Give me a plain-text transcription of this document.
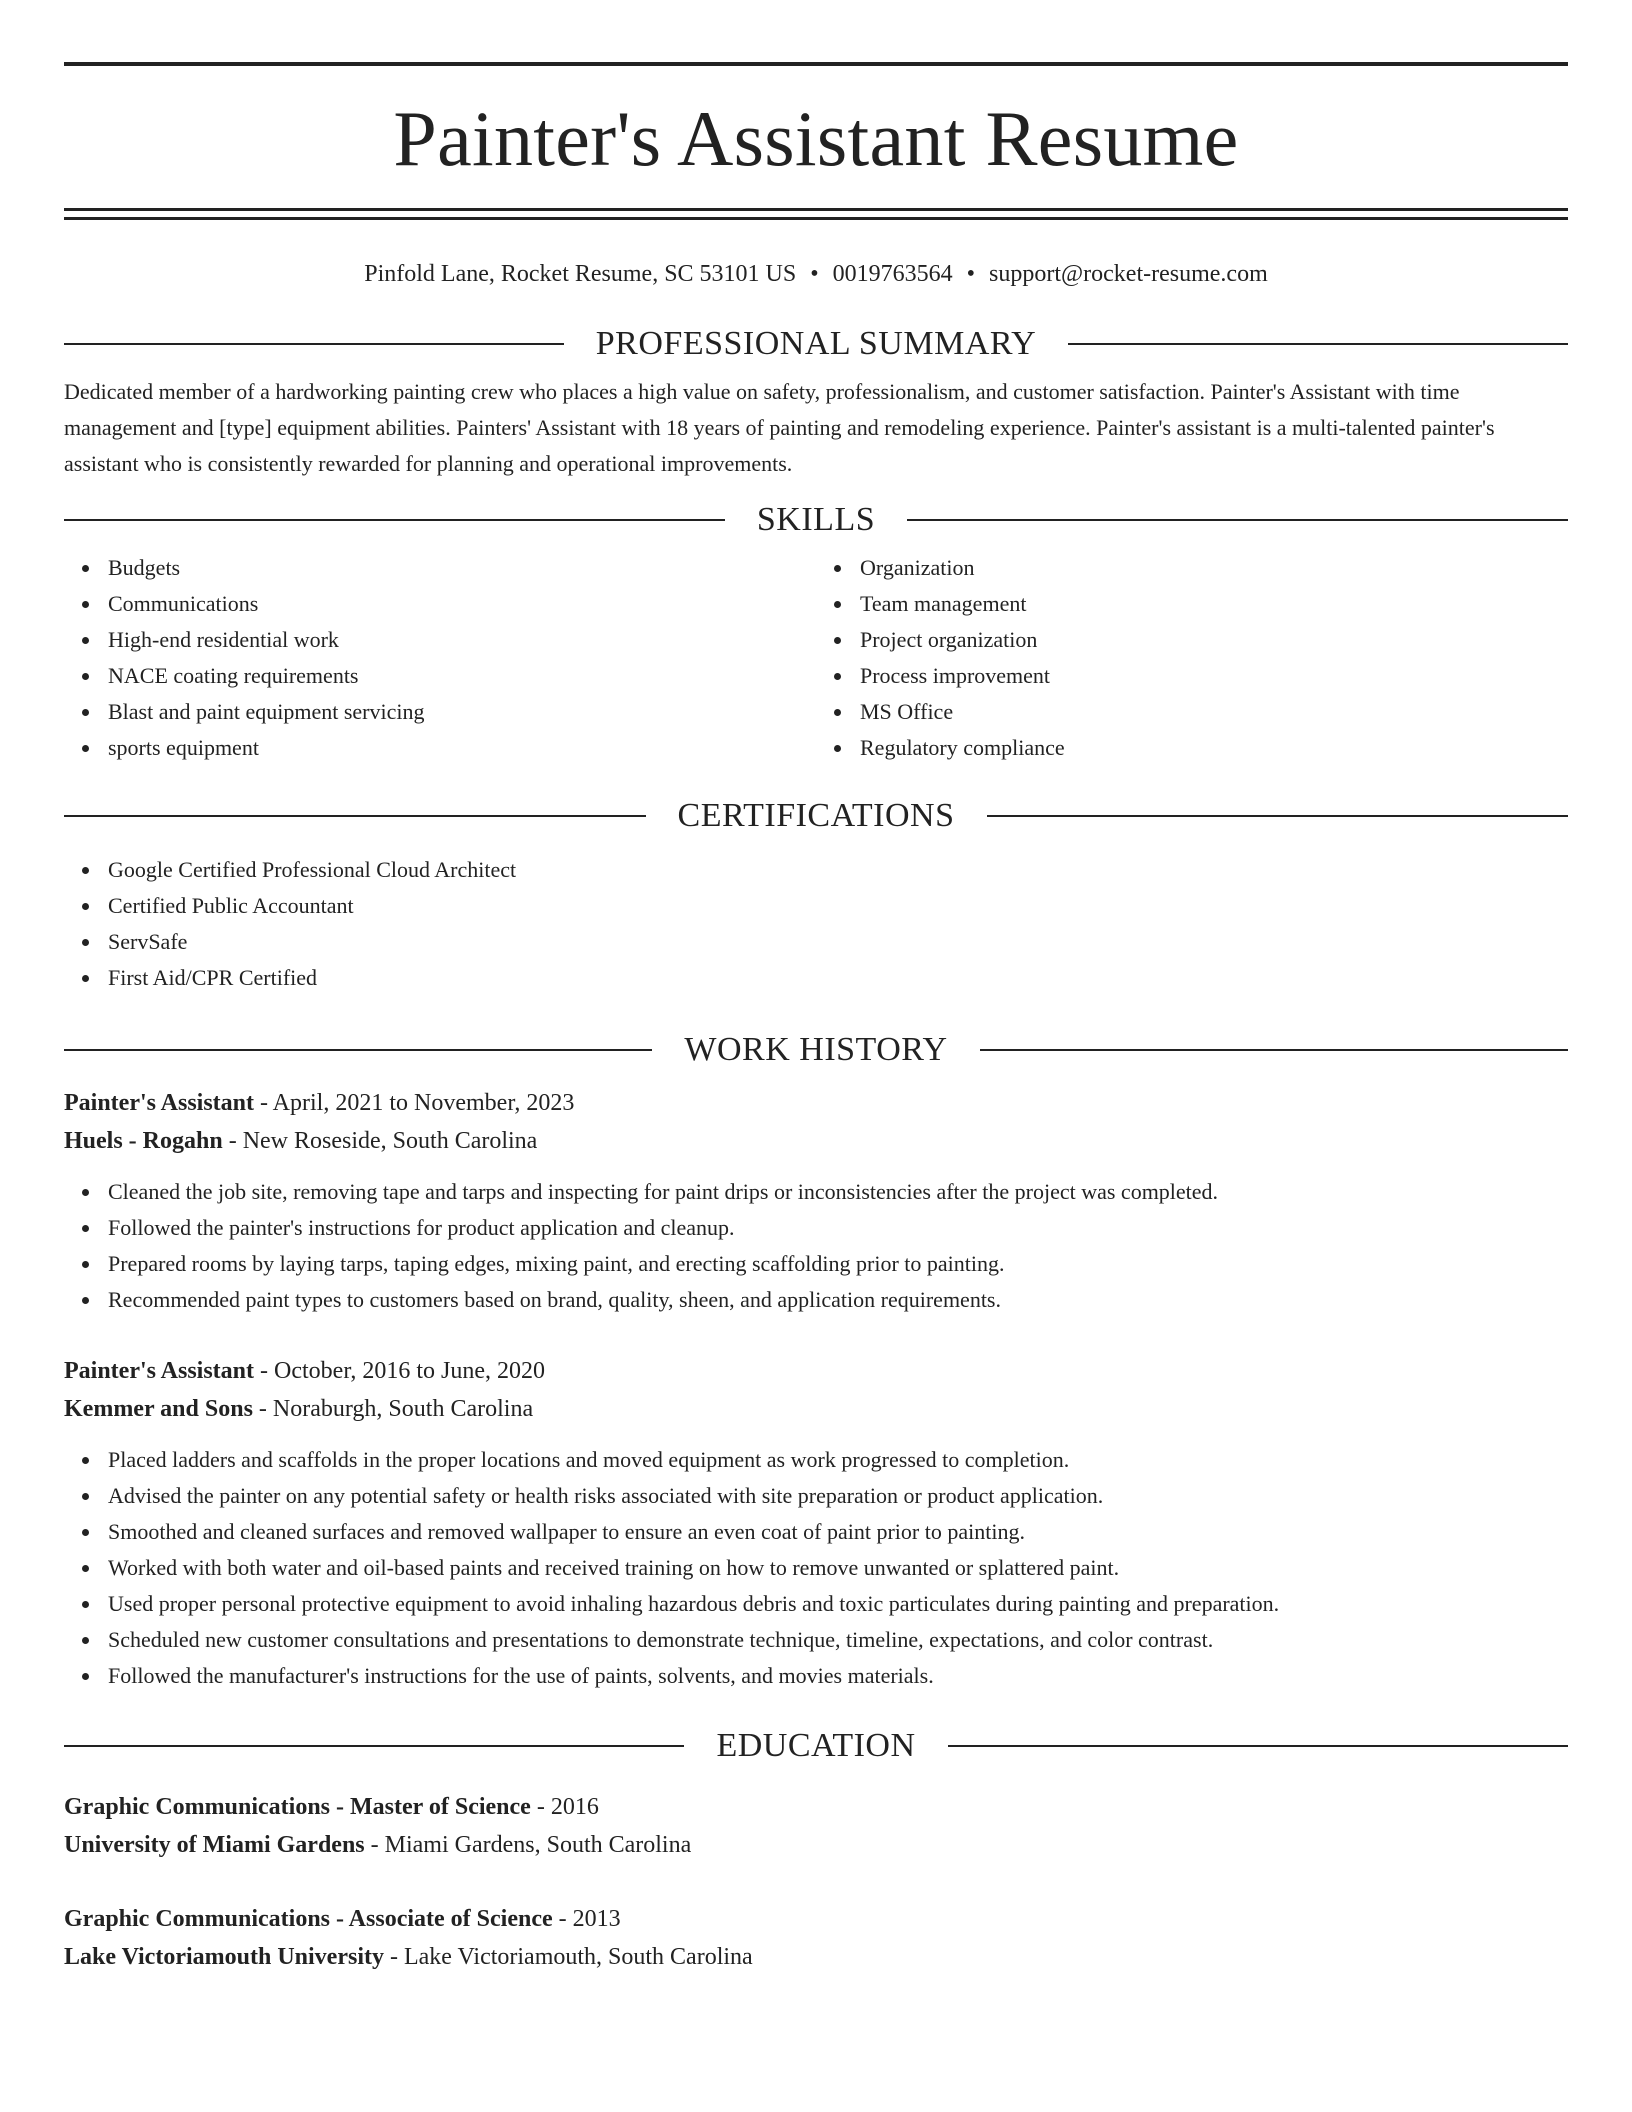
Painter's Assistant Resume
Pinfold Lane, Rocket Resume, SC 53101 US • 0019763564 • support@rocket-resume.com
PROFESSIONAL SUMMARY
Dedicated member of a hardworking painting crew who places a high value on safety, professionalism, and customer satisfaction. Painter's Assistant with time management and [type] equipment abilities. Painters' Assistant with 18 years of painting and remodeling experience. Painter's assistant is a multi-talented painter's assistant who is consistently rewarded for planning and operational improvements.
SKILLS
Budgets
Communications
High-end residential work
NACE coating requirements
Blast and paint equipment servicing
sports equipment
Organization
Team management
Project organization
Process improvement
MS Office
Regulatory compliance
CERTIFICATIONS
Google Certified Professional Cloud Architect
Certified Public Accountant
ServSafe
First Aid/CPR Certified
WORK HISTORY
Painter's Assistant - April, 2021 to November, 2023
Huels - Rogahn - New Roseside, South Carolina
Cleaned the job site, removing tape and tarps and inspecting for paint drips or inconsistencies after the project was completed.
Followed the painter's instructions for product application and cleanup.
Prepared rooms by laying tarps, taping edges, mixing paint, and erecting scaffolding prior to painting.
Recommended paint types to customers based on brand, quality, sheen, and application requirements.
Painter's Assistant - October, 2016 to June, 2020
Kemmer and Sons - Noraburgh, South Carolina
Placed ladders and scaffolds in the proper locations and moved equipment as work progressed to completion.
Advised the painter on any potential safety or health risks associated with site preparation or product application.
Smoothed and cleaned surfaces and removed wallpaper to ensure an even coat of paint prior to painting.
Worked with both water and oil-based paints and received training on how to remove unwanted or splattered paint.
Used proper personal protective equipment to avoid inhaling hazardous debris and toxic particulates during painting and preparation.
Scheduled new customer consultations and presentations to demonstrate technique, timeline, expectations, and color contrast.
Followed the manufacturer's instructions for the use of paints, solvents, and movies materials.
EDUCATION
Graphic Communications - Master of Science - 2016
University of Miami Gardens - Miami Gardens, South Carolina
Graphic Communications - Associate of Science - 2013
Lake Victoriamouth University - Lake Victoriamouth, South Carolina
